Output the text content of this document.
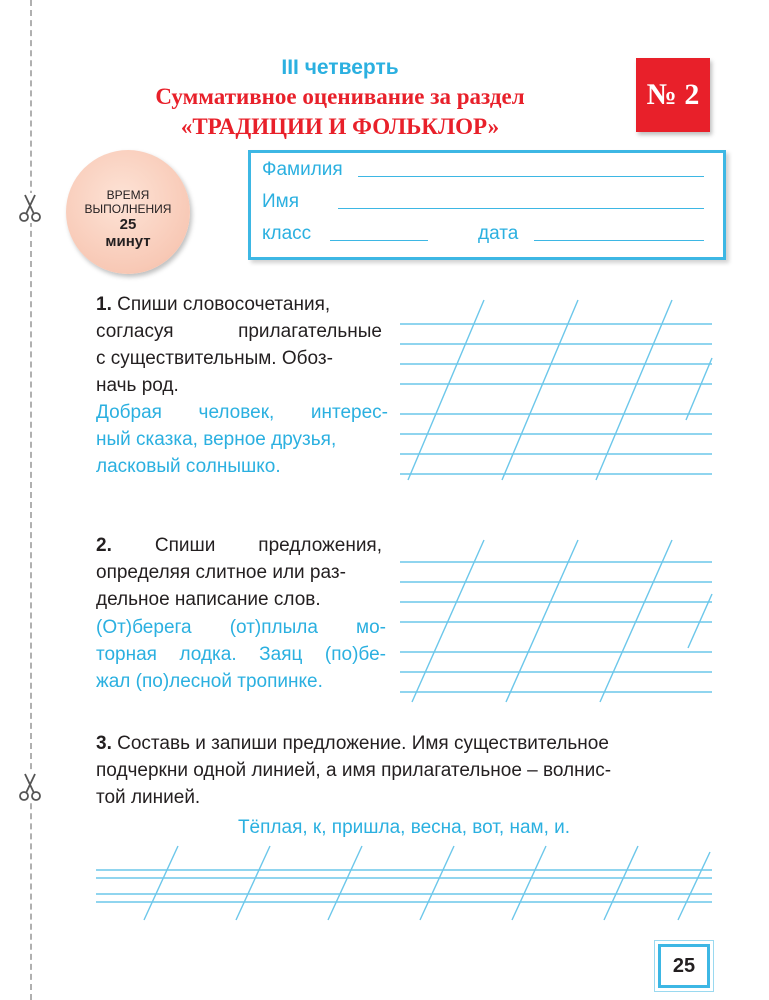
III четверть
Суммативное оценивание за раздел
«ТРАДИЦИИ И ФОЛЬКЛОР»
№ 2
ВРЕМЯ
ВЫПОЛНЕНИЯ
25
минут
Фамилия
Имя
класс	дата
1. Спиши словосочетания,
согласуя прилагательные
с существительным. Обоз-
начь род.
Добрая человек, интерес-
ный сказка, верное друзья,
ласковый солнышко.
2. Спиши предложения,
определяя слитное или раз-
дельное написание слов.
(От)берега (от)плыла мо-
торная лодка. Заяц (по)бе-
жал (по)лесной тропинке.
3. Составь и запиши предложение. Имя существительное
подчеркни одной линией, а имя прилагательное – волнис-
той линией.
Тёплая, к, пришла, весна, вот, нам, и.
25
